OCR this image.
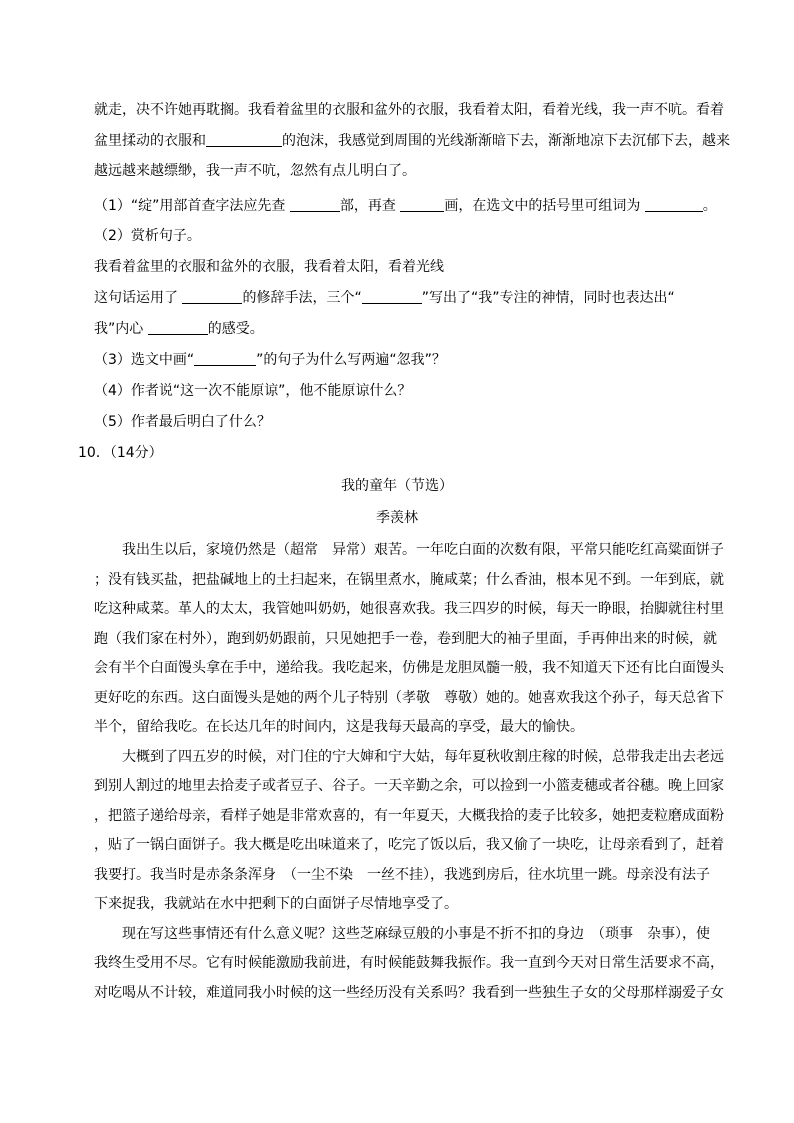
就走，决不许她再耽搁。我看着盆里的衣服和盆外的衣服，我看着太阳，看着光线，我一声不吭。看着
盆里揉动的衣服和	的泡沫，我感觉到周围的光线渐渐暗下去，渐渐地凉下去沉郁下去，越来
越远越来越缥缈，我一声不吭，忽然有点儿明白了。
（1）“绽”用部首查字法应先查	部，再查	画，在选文中的括号里可组词为	。
（2）赏析句子。
我看着盆里的衣服和盆外的衣服，我看着太阳，看着光线
这句话运用了	的修辞手法，三个“	”写出了“我”专注的神情，同时也表达出“
我”内心	的感受。
（3）选文中画“	”的句子为什么写两遍“忽我”？
（4）作者说“这一次不能原谅”，他不能原谅什么？
（5）作者最后明白了什么？
10．（14分）
我的童年（节选）
季羡林
我出生以后，家境仍然是（超常　异常）艰苦。一年吃白面的次数有限，平常只能吃红高粱面饼子
；没有钱买盐，把盐碱地上的土扫起来，在锅里煮水，腌咸菜；什么香油，根本见不到。一年到底，就
吃这种咸菜。革人的太太，我管她叫奶奶，她很喜欢我。我三四岁的时候，每天一睁眼，抬脚就往村里
跑（我们家在村外），跑到奶奶跟前，只见她把手一卷，卷到肥大的袖子里面，手再伸出来的时候，就
会有半个白面馒头拿在手中，递给我。我吃起来，仿佛是龙胆凤髓一般，我不知道天下还有比白面馒头
更好吃的东西。这白面馒头是她的两个儿子特别（孝敬　尊敬）她的。她喜欢我这个孙子，每天总省下
半个，留给我吃。在长达几年的时间内，这是我每天最高的享受，最大的愉快。
大概到了四五岁的时候，对门住的宁大婶和宁大姑，每年夏秋收割庄稼的时候，总带我走出去老远
到别人割过的地里去拾麦子或者豆子、谷子。一天辛勤之余，可以捡到一小篮麦穗或者谷穗。晚上回家
，把篮子递给母亲，看样子她是非常欢喜的，有一年夏天，大概我拾的麦子比较多，她把麦粒磨成面粉
，贴了一锅白面饼子。我大概是吃出味道来了，吃完了饭以后，我又偷了一块吃，让母亲看到了，赶着
我要打。我当时是赤条条浑身　（一尘不染　一丝不挂），我逃到房后，往水坑里一跳。母亲没有法子
下来捉我，我就站在水中把剩下的白面饼子尽情地享受了。
现在写这些事情还有什么意义呢？这些芝麻绿豆般的小事是不折不扣的身边　（琐事　杂事），使
我终生受用不尽。它有时候能激励我前进，有时候能鼓舞我振作。我一直到今天对日常生活要求不高，
对吃喝从不计较，难道同我小时候的这一些经历没有关系吗？我看到一些独生子女的父母那样溺爱子女
